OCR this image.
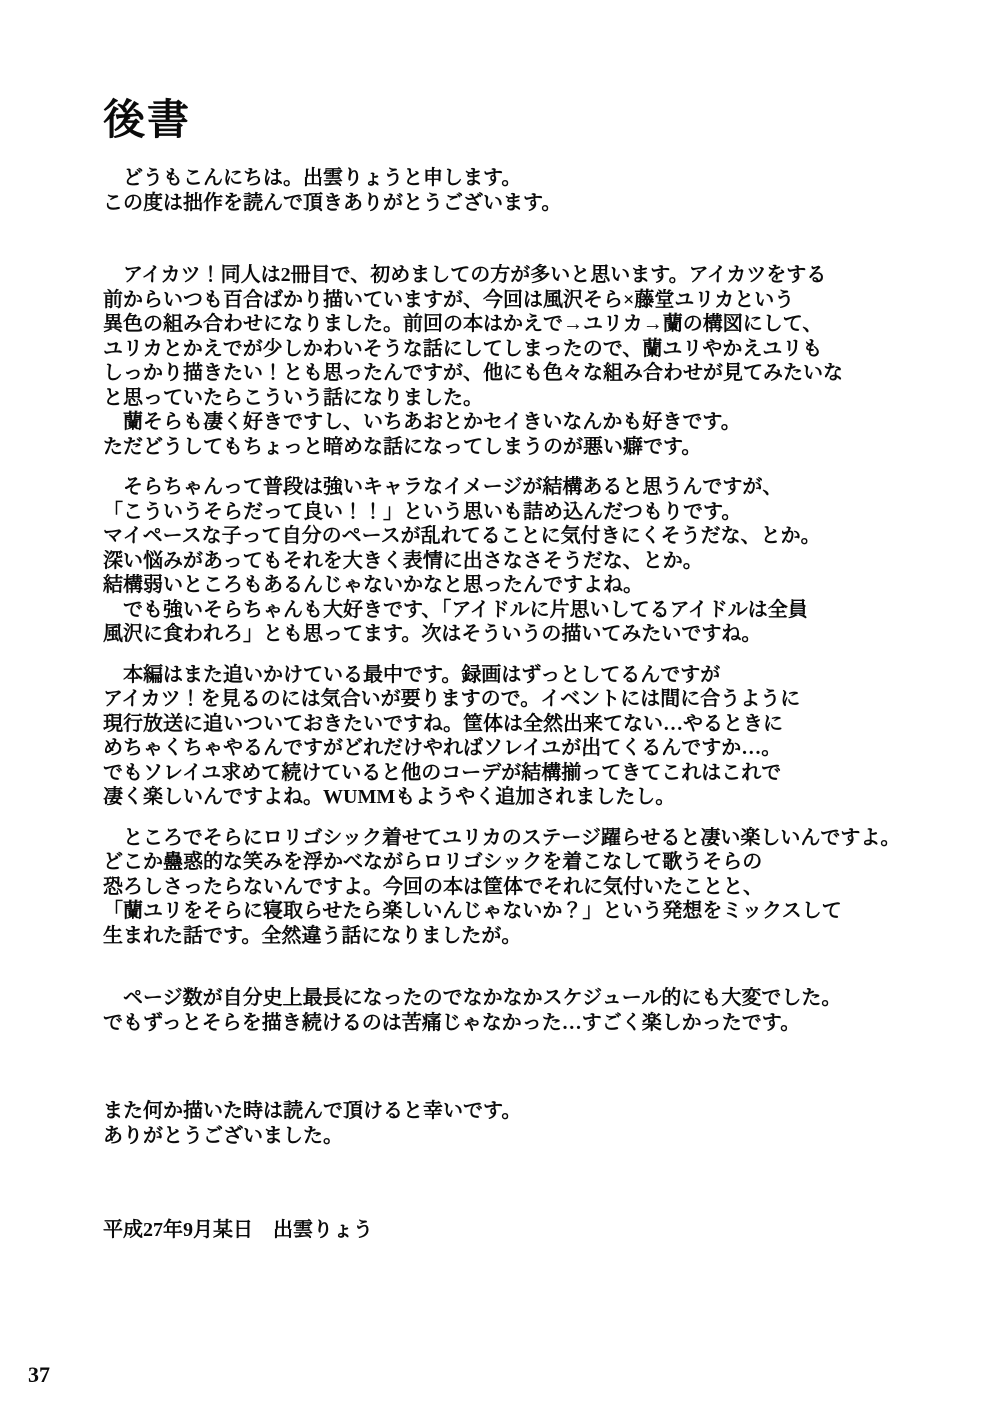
後書

　どうもこんにちは。出雲りょうと申します。
この度は拙作を読んで頂きありがとうございます。

　アイカツ！同人は2冊目で、初めましての方が多いと思います。アイカツをする
前からいつも百合ばかり描いていますが、今回は風沢そら×藤堂ユリカという
異色の組み合わせになりました。前回の本はかえで→ユリカ→蘭の構図にして、
ユリカとかえでが少しかわいそうな話にしてしまったので、蘭ユリやかえユリも
しっかり描きたい！とも思ったんですが、他にも色々な組み合わせが見てみたいな
と思っていたらこういう話になりました。
　蘭そらも凄く好きですし、いちあおとかセイきいなんかも好きです。
ただどうしてもちょっと暗めな話になってしまうのが悪い癖です。

　そらちゃんって普段は強いキャラなイメージが結構あると思うんですが、
「こういうそらだって良い！！」という思いも詰め込んだつもりです。
マイペースな子って自分のペースが乱れてることに気付きにくそうだな、とか。
深い悩みがあってもそれを大きく表情に出さなさそうだな、とか。
結構弱いところもあるんじゃないかなと思ったんですよね。
　でも強いそらちゃんも大好きです、「アイドルに片思いしてるアイドルは全員
風沢に食われろ」とも思ってます。次はそういうの描いてみたいですね。

　本編はまた追いかけている最中です。録画はずっとしてるんですが
アイカツ！を見るのには気合いが要りますので。イベントには間に合うように
現行放送に追いついておきたいですね。筐体は全然出来てない…やるときに
めちゃくちゃやるんですがどれだけやればソレイユが出てくるんですか…。
でもソレイユ求めて続けていると他のコーデが結構揃ってきてこれはこれで
凄く楽しいんですよね。WUMMもようやく追加されましたし。

　ところでそらにロリゴシック着せてユリカのステージ躍らせると凄い楽しいんですよ。
どこか蠱惑的な笑みを浮かべながらロリゴシックを着こなして歌うそらの
恐ろしさったらないんですよ。今回の本は筐体でそれに気付いたことと、
「蘭ユリをそらに寝取らせたら楽しいんじゃないか？」という発想をミックスして
生まれた話です。全然違う話になりましたが。

　ページ数が自分史上最長になったのでなかなかスケジュール的にも大変でした。
でもずっとそらを描き続けるのは苦痛じゃなかった…すごく楽しかったです。

また何か描いた時は読んで頂けると幸いです。
ありがとうございました。

平成27年9月某日　出雲りょう

37
